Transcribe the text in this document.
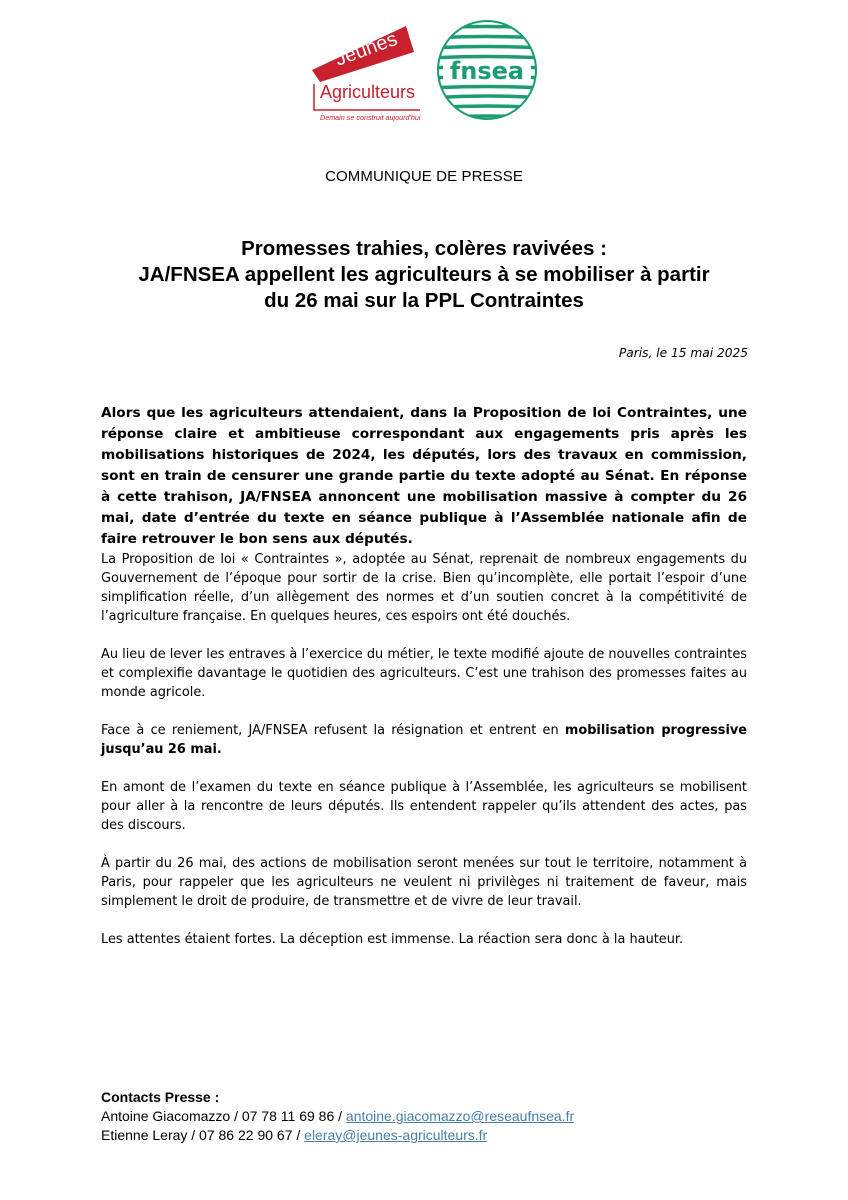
Jeunes
Agriculteurs
Demain se construit aujourd'hui
fnsea
COMMUNIQUE DE PRESSE
Promesses trahies, colères ravivées :
JA/FNSEA appellent les agriculteurs à se mobiliser à partir
du 26 mai sur la PPL Contraintes
Paris, le 15 mai 2025
Alors que les agriculteurs attendaient, dans la Proposition de loi Contraintes, une réponse claire et ambitieuse correspondant aux engagements pris après les mobilisations historiques de 2024, les députés, lors des travaux en commission, sont en train de censurer une grande partie du texte adopté au Sénat. En réponse à cette trahison, JA/FNSEA annoncent une mobilisation massive à compter du 26 mai, date d’entrée du texte en séance publique à l’Assemblée nationale afin de faire retrouver le bon sens aux députés.

La Proposition de loi « Contraintes », adoptée au Sénat, reprenait de nombreux engagements du Gouvernement de l’époque pour sortir de la crise. Bien qu’incomplète, elle portait l’espoir d’une simplification réelle, d’un allègement des normes et d’un soutien concret à la compétitivité de l’agriculture française. En quelques heures, ces espoirs ont été douchés.

Au lieu de lever les entraves à l’exercice du métier, le texte modifié ajoute de nouvelles contraintes et complexifie davantage le quotidien des agriculteurs. C’est une trahison des promesses faites au monde agricole.

Face à ce reniement, JA/FNSEA refusent la résignation et entrent en mobilisation progressive jusqu’au 26 mai.

En amont de l’examen du texte en séance publique à l’Assemblée, les agriculteurs se mobilisent pour aller à la rencontre de leurs députés. Ils entendent rappeler qu’ils attendent des actes, pas des discours.

À partir du 26 mai, des actions de mobilisation seront menées sur tout le territoire, notamment à Paris, pour rappeler que les agriculteurs ne veulent ni privilèges ni traitement de faveur, mais simplement le droit de produire, de transmettre et de vivre de leur travail.

Les attentes étaient fortes. La déception est immense. La réaction sera donc à la hauteur.

Contacts Presse :
Antoine Giacomazzo / 07 78 11 69 86 / antoine.giacomazzo@reseaufnsea.fr
Etienne Leray / 07 86 22 90 67 / eleray@jeunes-agriculteurs.fr
